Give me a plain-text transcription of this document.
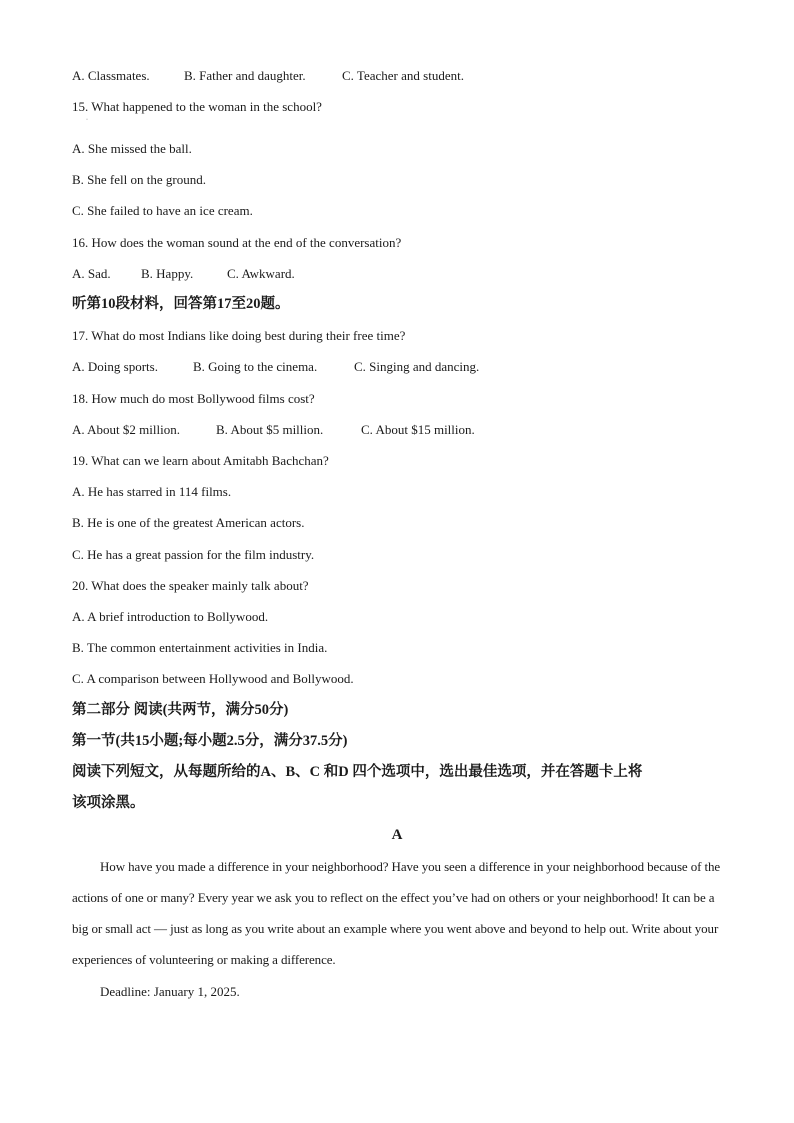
A. Classmates.	B. Father and daughter.	C. Teacher and student.
15. What happened to the woman in the school?
·
A. She missed the ball.
B. She fell on the ground.
C. She failed to have an ice cream.
16. How does the woman sound at the end of the conversation?
A. Sad. B. Happy.	C. Awkward.
听第10段材料，回答第17至20题。
17. What do most Indians like doing best during their free time?
A. Doing sports.	B. Going to the cinema.	C. Singing and dancing.
18. How much do most Bollywood films cost?
A. About $2 million.	B. About $5 million.	C. About $15 million.
19. What can we learn about Amitabh Bachchan?
A. He has starred in 114 films.
B. He is one of the greatest American actors.
C. He has a great passion for the film industry.
20. What does the speaker mainly talk about?
A. A brief introduction to Bollywood.
B. The common entertainment activities in India.
C. A comparison between Hollywood and Bollywood.
第二部分 阅读(共两节，满分50分)
第一节(共15小题;每小题2.5分，满分37.5分)
阅读下列短文，从每题所给的A、B、C 和D 四个选项中，选出最佳选项，并在答题卡上将
该项涂黑。
A
How have you made a difference in your neighborhood? Have you seen a difference in your neighborhood because of the actions of one or many? Every year we ask you to reflect on the effect you’ve had on others or your neighborhood! It can be a big or small act — just as long as you write about an example where you went above and beyond to help out. Write about your experiences of volunteering or making a difference.
Deadline: January 1, 2025.
